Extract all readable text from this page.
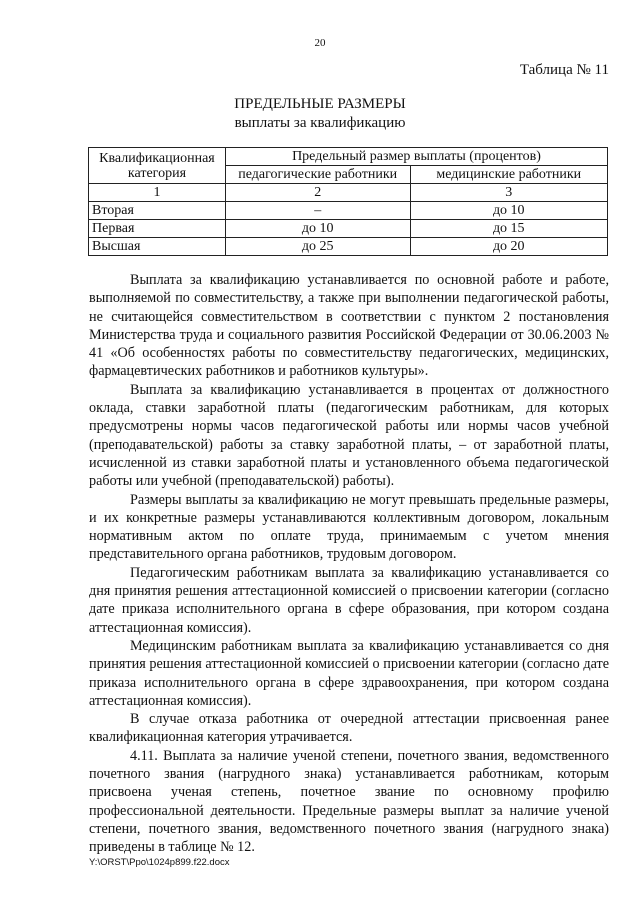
20
Таблица № 11
ПРЕДЕЛЬНЫЕ РАЗМЕРЫ
выплаты за квалификацию
Квалификационная категория	Предельный размер выплаты (процентов)	
	педагогические работники	медицинские работники
1	2	3
Вторая	–	до 10
Первая	до 10	до 15
Высшая	до 25	до 20

Выплата за квалификацию устанавливается по основной работе и работе, выполняемой по совместительству, а также при выполнении педагогической работы, не считающейся совместительством в соответствии с пунктом 2 постановления Министерства труда и социального развития Российской Федерации от 30.06.2003 № 41 «Об особенностях работы по совместительству педагогических, медицинских, фармацевтических работников и работников культуры».

Выплата за квалификацию устанавливается в процентах от должностного оклада, ставки заработной платы (педагогическим работникам, для которых предусмотрены нормы часов педагогической работы или нормы часов учебной (преподавательской) работы за ставку заработной платы, – от заработной платы, исчисленной из ставки заработной платы и установленного объема педагогической работы или учебной (преподавательской) работы).

Размеры выплаты за квалификацию не могут превышать предельные размеры, и их конкретные размеры устанавливаются коллективным договором, локальным нормативным актом по оплате труда, принимаемым с учетом мнения представительного органа работников, трудовым договором.

Педагогическим работникам выплата за квалификацию устанавливается со дня принятия решения аттестационной комиссией о присвоении категории (согласно дате приказа исполнительного органа в сфере образования, при котором создана аттестационная комиссия).

Медицинским работникам выплата за квалификацию устанавливается со дня принятия решения аттестационной комиссией о присвоении категории (согласно дате приказа исполнительного органа в сфере здравоохранения, при котором создана аттестационная комиссия).

В случае отказа работника от очередной аттестации присвоенная ранее квалификационная категория утрачивается.

4.11. Выплата за наличие ученой степени, почетного звания, ведомственного почетного звания (нагрудного знака) устанавливается работникам, которым присвоена ученая степень, почетное звание по основному профилю профессиональной деятельности. Предельные размеры выплат за наличие ученой степени, почетного звания, ведомственного почетного звания (нагрудного знака) приведены в таблице № 12.

Y:\ORST\Ppo\1024p899.f22.docx
